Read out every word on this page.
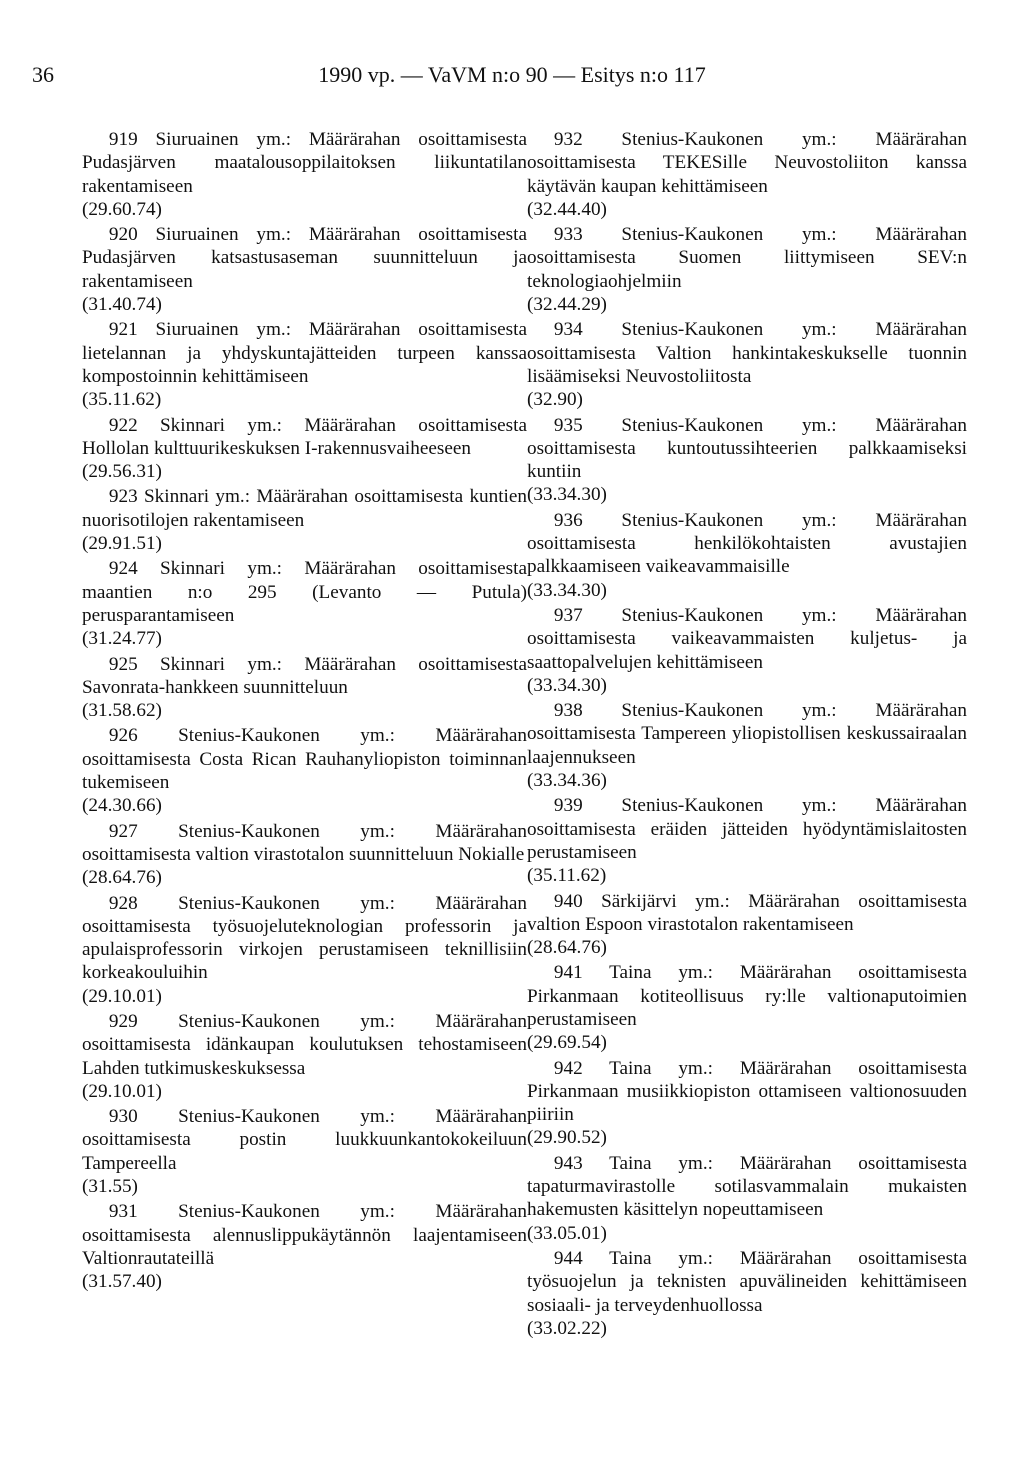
36	1990 vp. — VaVM n:o 90 — Esitys n:o 117

919 Siuruainen ym.: Määrärahan osoittamisesta Pudasjärven maatalousoppilaitoksen liikuntatilan rakentamiseen

(29.60.74)

920 Siuruainen ym.: Määrärahan osoittamisesta Pudasjärven katsastusaseman suunnitteluun ja rakentamiseen

(31.40.74)

921 Siuruainen ym.: Määrärahan osoittamisesta lietelannan ja yhdyskuntajätteiden turpeen kanssa kompostoinnin kehittämiseen

(35.11.62)

922 Skinnari ym.: Määrärahan osoittamisesta Hollolan kulttuurikeskuksen I-rakennusvaiheeseen

(29.56.31)

923 Skinnari ym.: Määrärahan osoittamisesta kuntien nuorisotilojen rakentamiseen

(29.91.51)

924 Skinnari ym.: Määrärahan osoittamisesta maantien n:o 295 (Levanto — Putula) perusparantamiseen

(31.24.77)

925 Skinnari ym.: Määrärahan osoittamisesta Savonrata-hankkeen suunnitteluun

(31.58.62)

926 Stenius-Kaukonen ym.: Määrärahan osoittamisesta Costa Rican Rauhanyliopiston toiminnan tukemiseen

(24.30.66)

927 Stenius-Kaukonen ym.: Määrärahan osoittamisesta valtion virastotalon suunnitteluun Nokialle

(28.64.76)

928 Stenius-Kaukonen ym.: Määrärahan osoittamisesta työsuojeluteknologian professorin ja apulaisprofessorin virkojen perustamiseen teknillisiin korkeakouluihin

(29.10.01)

929 Stenius-Kaukonen ym.: Määrärahan osoittamisesta idänkaupan koulutuksen tehostamiseen Lahden tutkimuskeskuksessa

(29.10.01)

930 Stenius-Kaukonen ym.: Määrärahan osoittamisesta postin luukkuunkantokokeiluun Tampereella

(31.55)

931 Stenius-Kaukonen ym.: Määrärahan osoittamisesta alennuslippukäytännön laajentamiseen Valtionrautateillä

(31.57.40)

932 Stenius-Kaukonen ym.: Määrärahan osoittamisesta TEKESille Neuvostoliiton kanssa käytävän kaupan kehittämiseen

(32.44.40)

933 Stenius-Kaukonen ym.: Määrärahan osoittamisesta Suomen liittymiseen SEV:n teknologiaohjelmiin

(32.44.29)

934 Stenius-Kaukonen ym.: Määrärahan osoittamisesta Valtion hankintakeskukselle tuonnin lisäämiseksi Neuvostoliitosta

(32.90)

935 Stenius-Kaukonen ym.: Määrärahan osoittamisesta kuntoutussihteerien palkkaamiseksi kuntiin

(33.34.30)

936 Stenius-Kaukonen ym.: Määrärahan osoittamisesta henkilökohtaisten avustajien palkkaamiseen vaikeavammaisille

(33.34.30)

937 Stenius-Kaukonen ym.: Määrärahan osoittamisesta vaikeavammaisten kuljetus- ja saattopalvelujen kehittämiseen

(33.34.30)

938 Stenius-Kaukonen ym.: Määrärahan osoittamisesta Tampereen yliopistollisen keskussairaalan laajennukseen

(33.34.36)

939 Stenius-Kaukonen ym.: Määrärahan osoittamisesta eräiden jätteiden hyödyntämislaitosten perustamiseen

(35.11.62)

940 Särkijärvi ym.: Määrärahan osoittamisesta valtion Espoon virastotalon rakentamiseen

(28.64.76)

941 Taina ym.: Määrärahan osoittamisesta Pirkanmaan kotiteollisuus ry:lle valtionaputoimien perustamiseen

(29.69.54)

942 Taina ym.: Määrärahan osoittamisesta Pirkanmaan musiikkiopiston ottamiseen valtionosuuden piiriin

(29.90.52)

943 Taina ym.: Määrärahan osoittamisesta tapaturmavirastolle sotilasvammalain mukaisten hakemusten käsittelyn nopeuttamiseen

(33.05.01)

944 Taina ym.: Määrärahan osoittamisesta työsuojelun ja teknisten apuvälineiden kehittämiseen sosiaali- ja terveydenhuollossa

(33.02.22)
